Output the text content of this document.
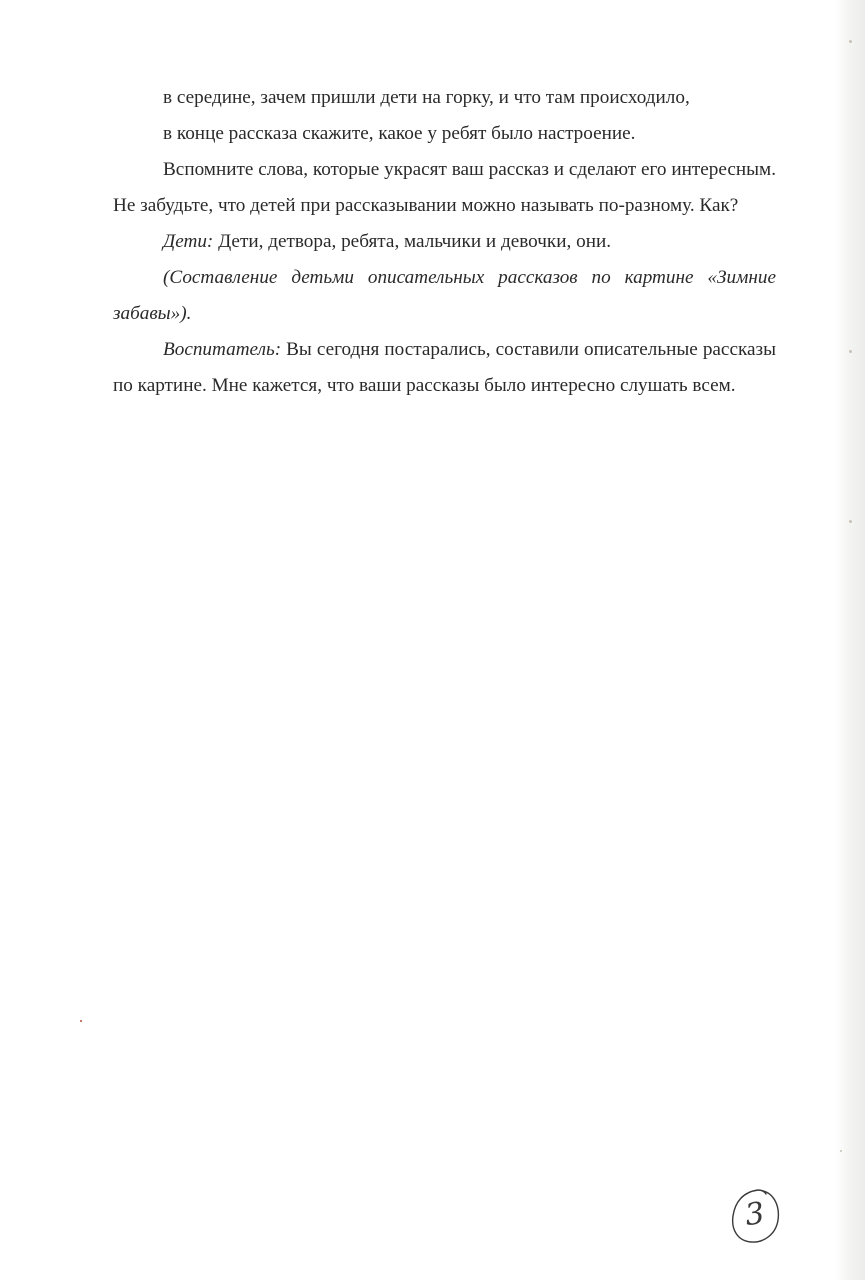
в середине, зачем пришли дети на горку, и что там происходило,

в конце рассказа скажите, какое у ребят было настроение.

Вспомните слова, которые украсят ваш рассказ и сделают его интересным. Не забудьте, что детей при рассказывании можно называть по-разному. Как?

Дети: Дети, детвора, ребята, мальчики и девочки, они.

(Составление детьми описательных рассказов по картине «Зимние забавы»).

Воспитатель: Вы сегодня постарались, составили описательные рассказы по картине. Мне кажется, что ваши рассказы было интересно слушать всем.

3
